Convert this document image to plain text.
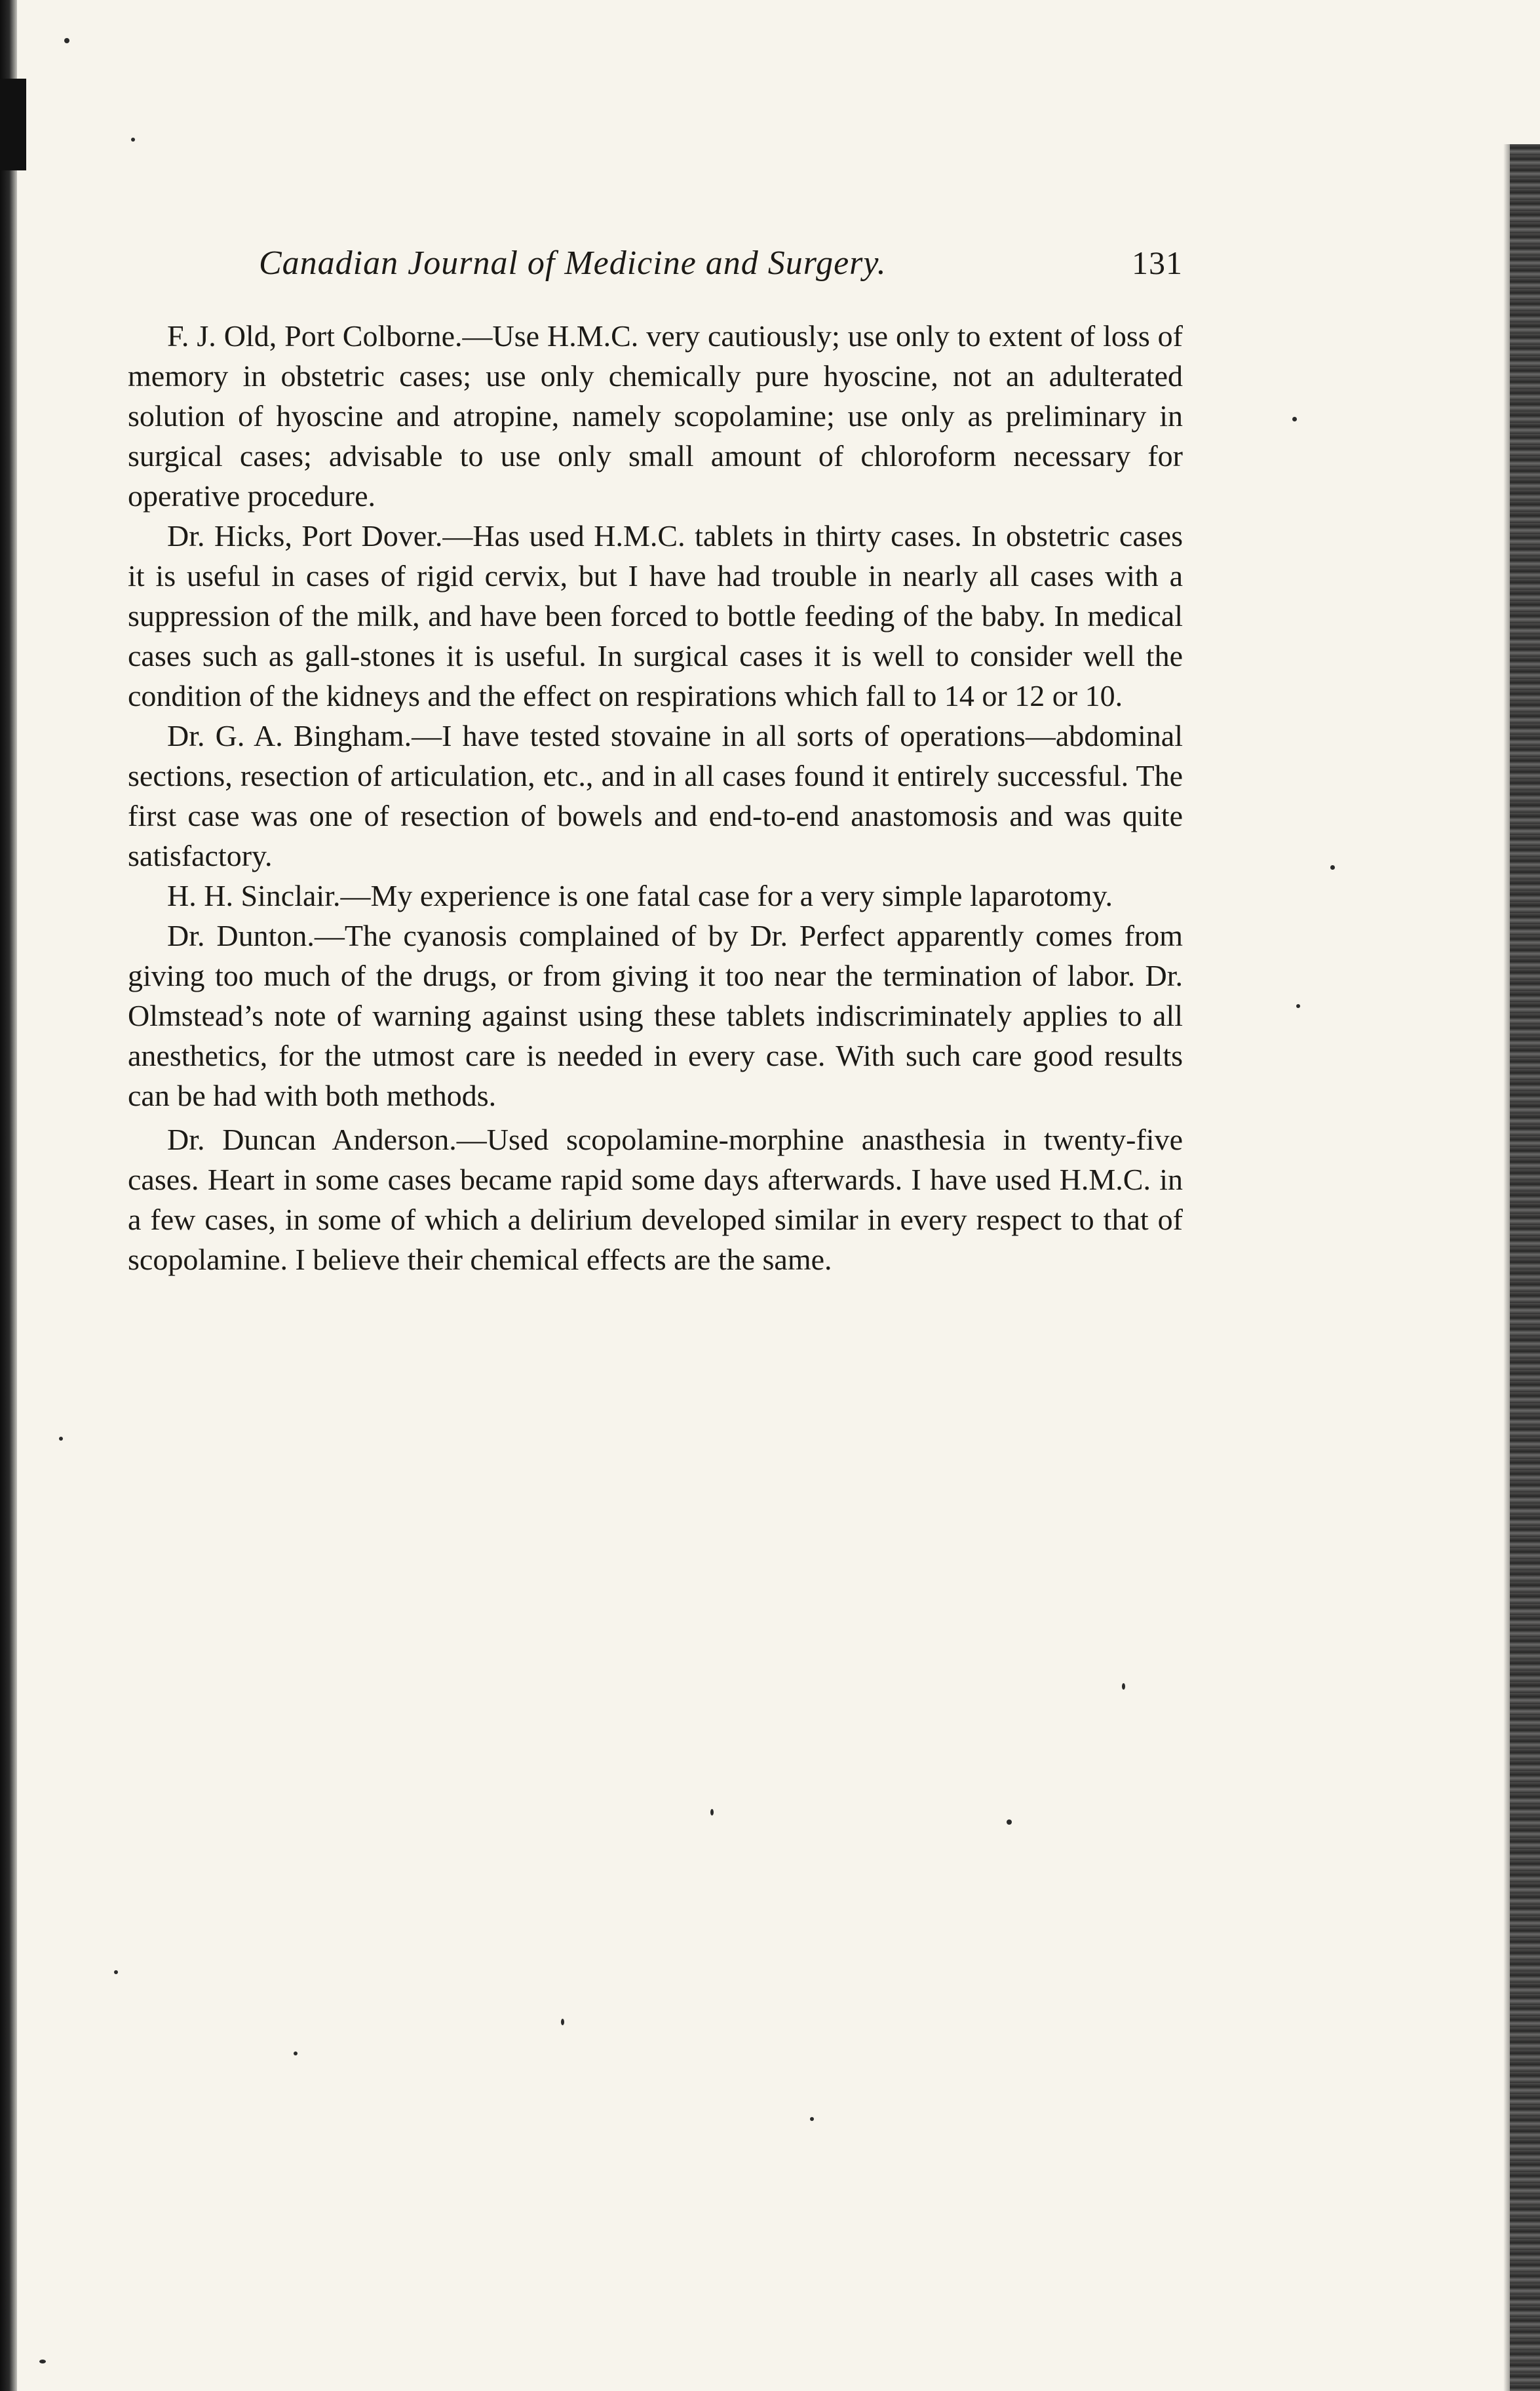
Canadian Journal of Medicine and Surgery.	131

F. J. Old, Port Colborne.—Use H.M.C. very cautiously; use only to extent of loss of memory in obstetric cases; use only chemically pure hyoscine, not an adulterated solution of hyoscine and atropine, namely scopolamine; use only as preliminary in surgical cases; advisable to use only small amount of chloroform necessary for operative procedure.

Dr. Hicks, Port Dover.—Has used H.M.C. tablets in thirty cases. In obstetric cases it is useful in cases of rigid cervix, but I have had trouble in nearly all cases with a suppression of the milk, and have been forced to bottle feeding of the baby. In medical cases such as gall-stones it is useful. In surgical cases it is well to consider well the condition of the kidneys and the effect on respirations which fall to 14 or 12 or 10.

Dr. G. A. Bingham.—I have tested stovaine in all sorts of operations—abdominal sections, resection of articulation, etc., and in all cases found it entirely successful. The first case was one of resection of bowels and end-to-end anastomosis and was quite satisfactory.

H. H. Sinclair.—My experience is one fatal case for a very simple laparotomy.

Dr. Dunton.—The cyanosis complained of by Dr. Perfect apparently comes from giving too much of the drugs, or from giving it too near the termination of labor. Dr. Olmstead’s note of warning against using these tablets indiscriminately applies to all anesthetics, for the utmost care is needed in every case. With such care good results can be had with both methods.

Dr. Duncan Anderson.—Used scopolamine-morphine anasthesia in twenty-five cases. Heart in some cases became rapid some days afterwards. I have used H.M.C. in a few cases, in some of which a delirium developed similar in every respect to that of scopolamine. I believe their chemical effects are the same.
